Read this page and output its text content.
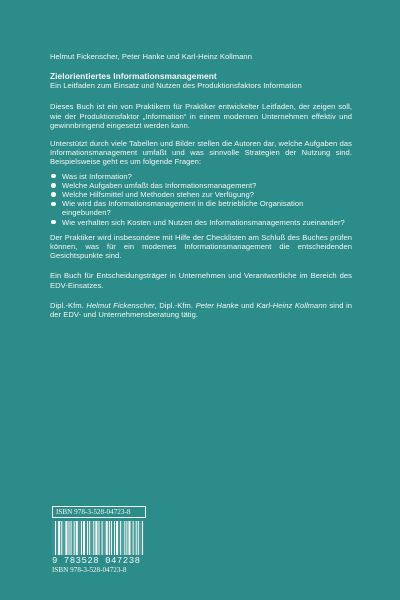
Helmut Fickenscher, Peter Hanke und Karl-Heinz Kollmann

Zielorientiertes Informationsmanagement

Ein Leitfaden zum Einsatz und Nutzen des Produktionsfaktors Information

Dieses Buch ist ein von Praktikern für Praktiker entwickelter Leitfaden, der zeigen soll, wie der Produktionsfaktor „Information“ in einem modernen Unternehmen effektiv und gewinnbringend eingesetzt werden kann.

Unterstützt durch viele Tabellen und Bilder stellen die Autoren dar, welche Aufgaben das Informationsmanagement umfaßt und was sinnvolle Strategien der Nutzung sind. Beispielsweise geht es um folgende Fragen:

Was ist Information?
Welche Aufgaben umfaßt das Informationsmanagement?
Welche Hilfsmittel und Methoden stehen zur Verfügung?
Wie wird das Informationsmanagement in die betriebliche Organisation eingebunden?
Wie verhalten sich Kosten und Nutzen des Informationsmanagements zueinander?

Der Praktiker wird insbesondere mit Hilfe der Checklisten am Schluß des Buches prüfen können, was für ein modernes Informationsmanagement die entscheidenden Gesichtspunkte sind.

Ein Buch für Entscheidungsträger in Unternehmen und Verantwortliche im Bereich des EDV-Einsatzes.

Dipl.-Kfm. Helmut Fickenscher, Dipl.-Kfm. Peter Hanke und Karl-Heinz Kollmann sind in der EDV- und Unternehmensberatung tätig.

ISBN 978-3-528-04723-8
9 783528 047238
ISBN 978-3-528-04723-8
